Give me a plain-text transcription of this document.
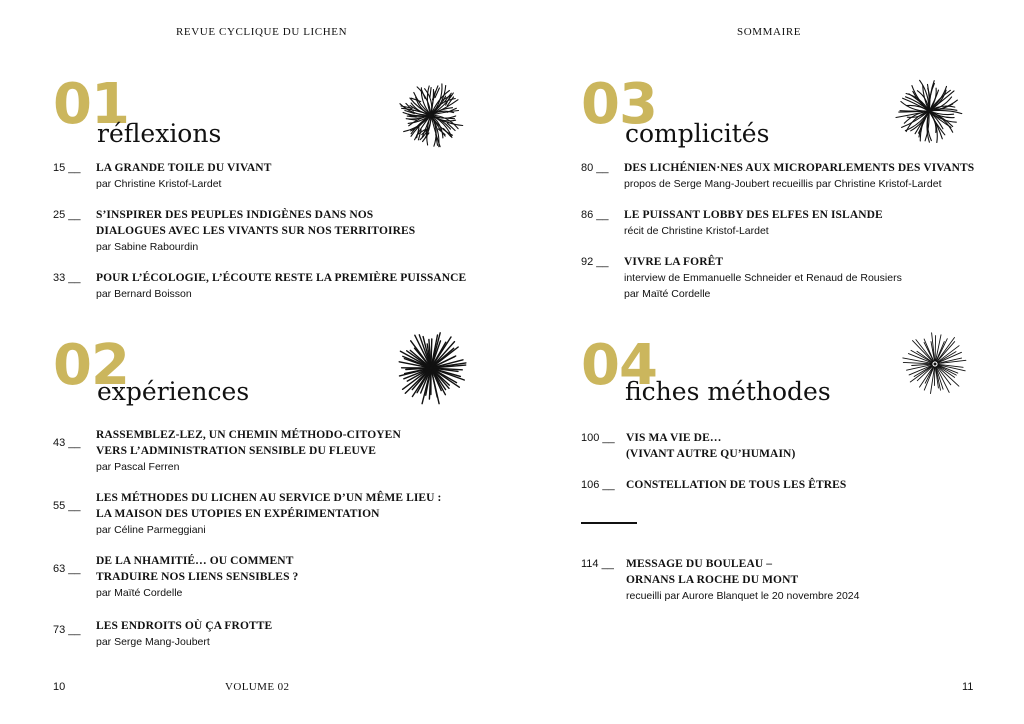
REVUE CYCLIQUE DU LICHEN	SOMMAIRE
01
réflexions
15 __ LA GRANDE TOILE DU VIVANT
par Christine Kristof-Lardet
25 __ S’INSPIRER DES PEUPLES INDIGÈNES DANS NOS
DIALOGUES AVEC LES VIVANTS SUR NOS TERRITOIRES
par Sabine Rabourdin
33 __ POUR L’ÉCOLOGIE, L’ÉCOUTE RESTE LA PREMIÈRE PUISSANCE
par Bernard Boisson
02
expériences
43 __
RASSEMBLEZ-LEZ, UN CHEMIN MÉTHODO-CITOYEN
VERS L’ADMINISTRATION SENSIBLE DU FLEUVE
par Pascal Ferren
55 __
LES MÉTHODES DU LICHEN AU SERVICE D’UN MÊME LIEU :
LA MAISON DES UTOPIES EN EXPÉRIMENTATION
par Céline Parmeggiani
63 __
DE LA NHAMITIÉ… OU COMMENT
TRADUIRE NOS LIENS SENSIBLES ?
par Maïté Cordelle
73 __ LES ENDROITS OÙ ÇA FROTTE
par Serge Mang-Joubert
03
complicités
80 __ DES LICHÉNIEN·NES AUX MICROPARLEMENTS DES VIVANTS
propos de Serge Mang-Joubert recueillis par Christine Kristof-Lardet
86 __ LE PUISSANT LOBBY DES ELFES EN ISLANDE
récit de Christine Kristof-Lardet
92 __ VIVRE LA FORÊT
interview de Emmanuelle Schneider et Renaud de Rousiers
par Maïté Cordelle
04
fiches méthodes
100 __ VIS MA VIE DE…
(VIVANT AUTRE QU’HUMAIN)
106 __ CONSTELLATION DE TOUS LES ÊTRES
114 __ MESSAGE DU BOULEAU –
ORNANS LA ROCHE DU MONT
recueilli par Aurore Blanquet le 20 novembre 2024
10	VOLUME 02	11
